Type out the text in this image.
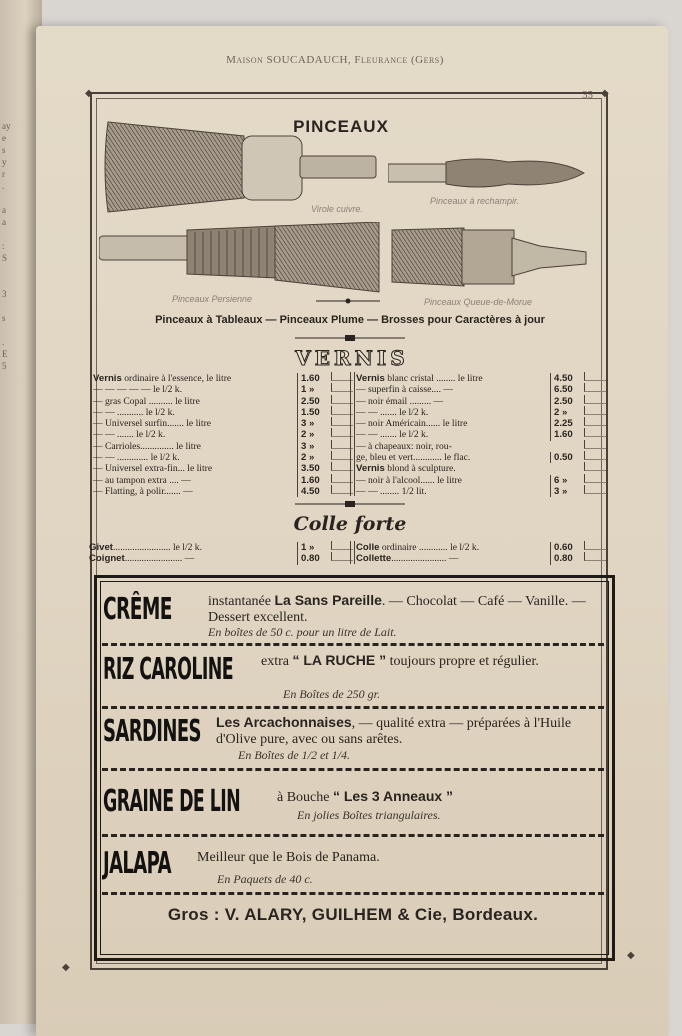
ay
e
s
y
r
.

a
a

:
S

3

s

.
E
5
Maison SOUCADAUCH, Fleurance (Gers)
35
◆	◆
◆
◆
PINCEAUX
Virole cuivre.
Pinceaux à rechampir.
Pinceaux Persienne	Pinceaux Queue-de-Morue
Pinceaux à Tableaux — Pinceaux Plume — Brosses pour Caractères à jour
VERNIS
Vernis ordinaire à l'essence, le litre	1.60
— — — — — le l/2 k.	1 »
— gras Copal .......... le litre	2.50
— — ........... le l/2 k.	1.50
— Universel surfin....... le litre	3 »
— — ....... le l/2 k.	2 »
— Carrioles.............. le litre	3 »
— — ............. le l/2 k.	2 »
— Universel extra-fin... le litre	3.50
— au tampon extra .... —	1.60
— Flatting, à polir....... —	4.50
Vernis blanc cristal ........ le litre	4.50
— superfin à caisse.... —	6.50
— noir émail ......... —	2.50
— — ....... le l/2 k.	2 »
— noir Américain...... le litre	2.25
— — ....... le l/2 k.	1.60
— à chapeaux: noir, rou-
ge, bleu et vert............ le flac.	0.50
Vernis blond à sculpture.
— noir à l'alcool...... le litre	6 »
— — ........ 1/2 lit.	3 »
Colle forte
Givet........................ le l/2 k.	1 »
Coignet........................ —	0.80
Colle ordinaire ............ le l/2 k.	0.60
Collette....................... —	0.80
CRÊME	instantanée La Sans Pareille. — Chocolat — Café — Vanille. — Dessert excellent.
En boîtes de 50 c. pour un litre de Lait.
RIZ CAROLINE extra “ LA RUCHE ” toujours propre et régulier.
En Boîtes de 250 gr.
SARDINES Les Arcachonnaises, — qualité extra — préparées à l'Huile d'Olive pure, avec ou sans arêtes.
En Boîtes de 1/2 et 1/4.
GRAINE DE LIN	à Bouche “ Les 3 Anneaux ”
En jolies Boîtes triangulaires.
JALAPA Meilleur que le Bois de Panama.
En Paquets de 40 c.
Gros : V. ALARY, GUILHEM & Cie, Bordeaux.
